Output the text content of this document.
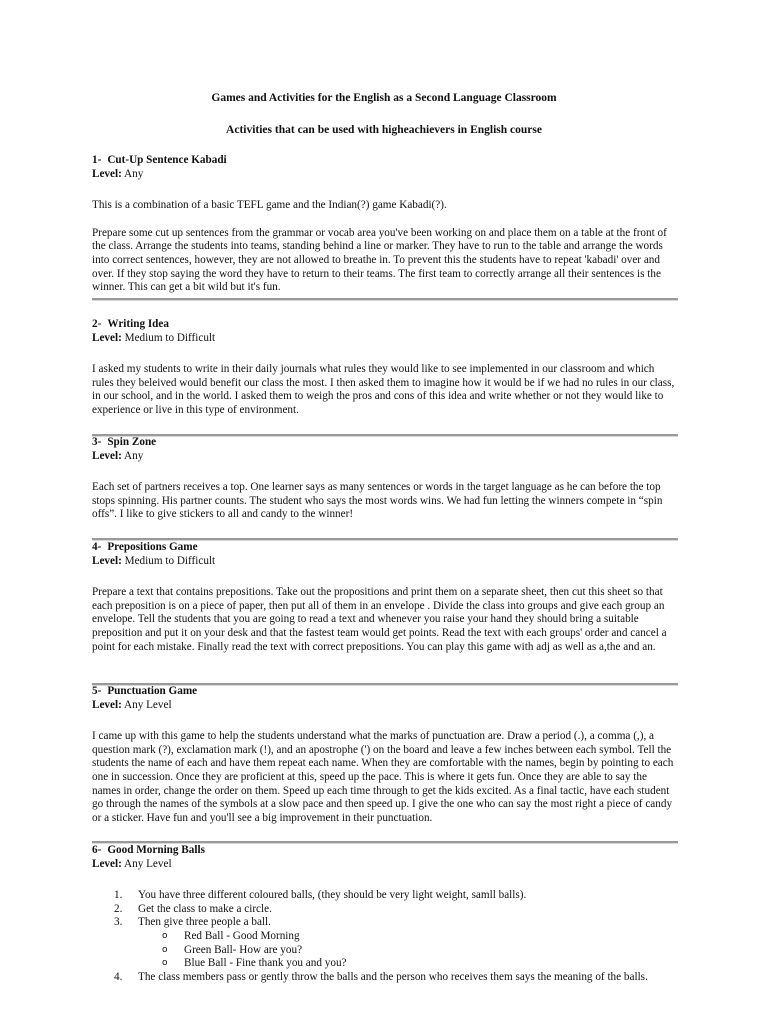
Games and Activities for the English as a Second Language Classroom
Activities that can be used with higheachievers in English course
1- Cut-Up Sentence Kabadi
Level: Any
This is a combination of a basic TEFL game and the Indian(?) game Kabadi(?).
Prepare some cut up sentences from the grammar or vocab area you've been working on and place them on a table at the front of the class. Arrange the students into teams, standing behind a line or marker. They have to run to the table and arrange the words into correct sentences, however, they are not allowed to breathe in. To prevent this the students have to repeat 'kabadi' over and over. If they stop saying the word they have to return to their teams. The first team to correctly arrange all their sentences is the winner. This can get a bit wild but it's fun.
2- Writing Idea
Level: Medium to Difficult
I asked my students to write in their daily journals what rules they would like to see implemented in our classroom and which rules they beleived would benefit our class the most. I then asked them to imagine how it would be if we had no rules in our class, in our school, and in the world. I asked them to weigh the pros and cons of this idea and write whether or not they would like to experience or live in this type of environment.
3- Spin Zone
Level: Any
Each set of partners receives a top. One learner says as many sentences or words in the target language as he can before the top stops spinning. His partner counts. The student who says the most words wins. We had fun letting the winners compete in “spin offs”. I like to give stickers to all and candy to the winner!
4- Prepositions Game
Level: Medium to Difficult
Prepare a text that contains prepositions. Take out the propositions and print them on a separate sheet, then cut this sheet so that each preposition is on a piece of paper, then put all of them in an envelope . Divide the class into groups and give each group an envelope. Tell the students that you are going to read a text and whenever you raise your hand they should bring a suitable preposition and put it on your desk and that the fastest team would get points. Read the text with each groups' order and cancel a point for each mistake. Finally read the text with correct prepositions. You can play this game with adj as well as a,the and an.
5- Punctuation Game
Level: Any Level
I came up with this game to help the students understand what the marks of punctuation are. Draw a period (.), a comma (,), a question mark (?), exclamation mark (!), and an apostrophe (') on the board and leave a few inches between each symbol. Tell the students the name of each and have them repeat each name. When they are comfortable with the names, begin by pointing to each one in succession. Once they are proficient at this, speed up the pace. This is where it gets fun. Once they are able to say the names in order, change the order on them. Speed up each time through to get the kids excited. As a final tactic, have each student go through the names of the symbols at a slow pace and then speed up. I give the one who can say the most right a piece of candy or a sticker. Have fun and you'll see a big improvement in their punctuation.
6- Good Morning Balls
Level: Any Level
1. You have three different coloured balls, (they should be very light weight, samll balls).
2. Get the class to make a circle.
3. Then give three people a ball.
o Red Ball - Good Morning
o Green Ball- How are you?
o Blue Ball - Fine thank you and you?
4. The class members pass or gently throw the balls and the person who receives them says the meaning of the balls.
